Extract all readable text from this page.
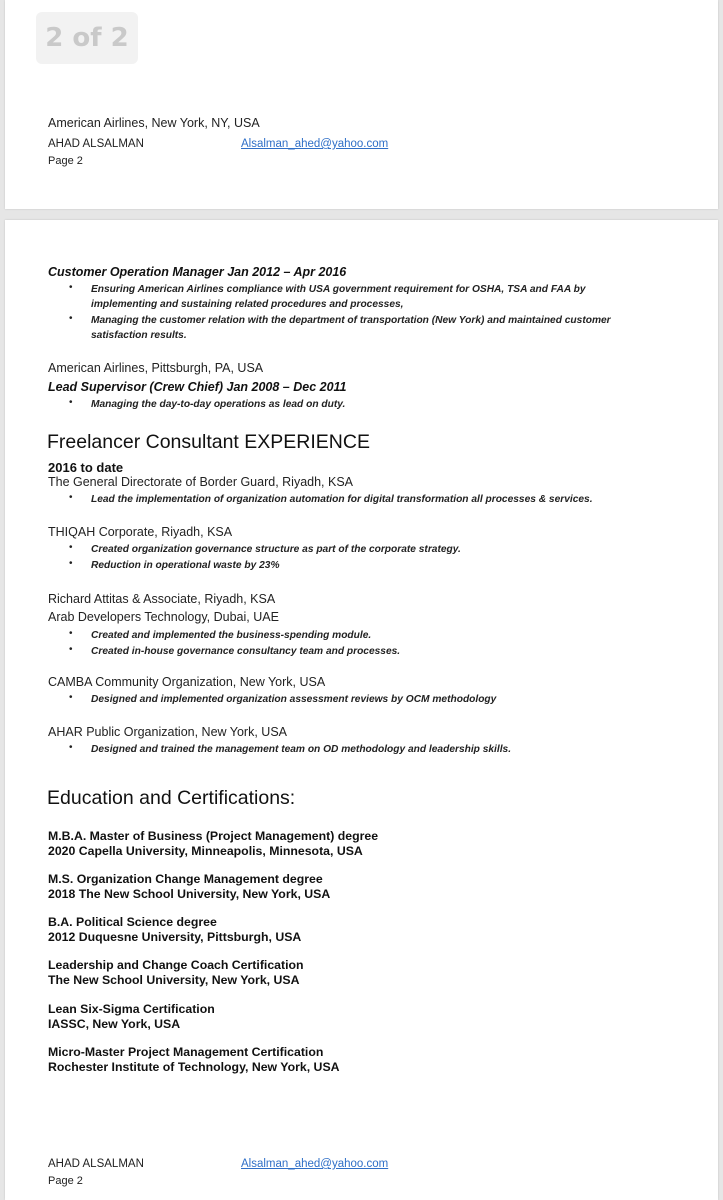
American Airlines, New York, NY, USA
AHAD ALSALMAN	Alsalman_ahed@yahoo.com
Page 2
2 of 2
Customer Operation Manager Jan 2012 – Apr 2016
• Ensuring American Airlines compliance with USA government requirement for OSHA, TSA and FAA by
implementing and sustaining related procedures and processes,
• Managing the customer relation with the department of transportation (New York) and maintained customer
satisfaction results.
American Airlines, Pittsburgh, PA, USA
Lead Supervisor (Crew Chief) Jan 2008 – Dec 2011
• Managing the day-to-day operations as lead on duty.
Freelancer Consultant EXPERIENCE
2016 to date
The General Directorate of Border Guard, Riyadh, KSA
• Lead the implementation of organization automation for digital transformation all processes & services.
THIQAH Corporate, Riyadh, KSA
• Created organization governance structure as part of the corporate strategy.
• Reduction in operational waste by 23%
Richard Attitas & Associate, Riyadh, KSA
Arab Developers Technology, Dubai, UAE
• Created and implemented the business-spending module.
• Created in-house governance consultancy team and processes.
CAMBA Community Organization, New York, USA
• Designed and implemented organization assessment reviews by OCM methodology
AHAR Public Organization, New York, USA
• Designed and trained the management team on OD methodology and leadership skills.
Education and Certifications:
M.B.A. Master of Business (Project Management) degree
2020 Capella University, Minneapolis, Minnesota, USA
M.S. Organization Change Management degree
2018 The New School University, New York, USA
B.A. Political Science degree
2012 Duquesne University, Pittsburgh, USA
Leadership and Change Coach Certification
The New School University, New York, USA
Lean Six-Sigma Certification
IASSC, New York, USA
Micro-Master Project Management Certification
Rochester Institute of Technology, New York, USA
AHAD ALSALMAN	Alsalman_ahed@yahoo.com
Page 2
